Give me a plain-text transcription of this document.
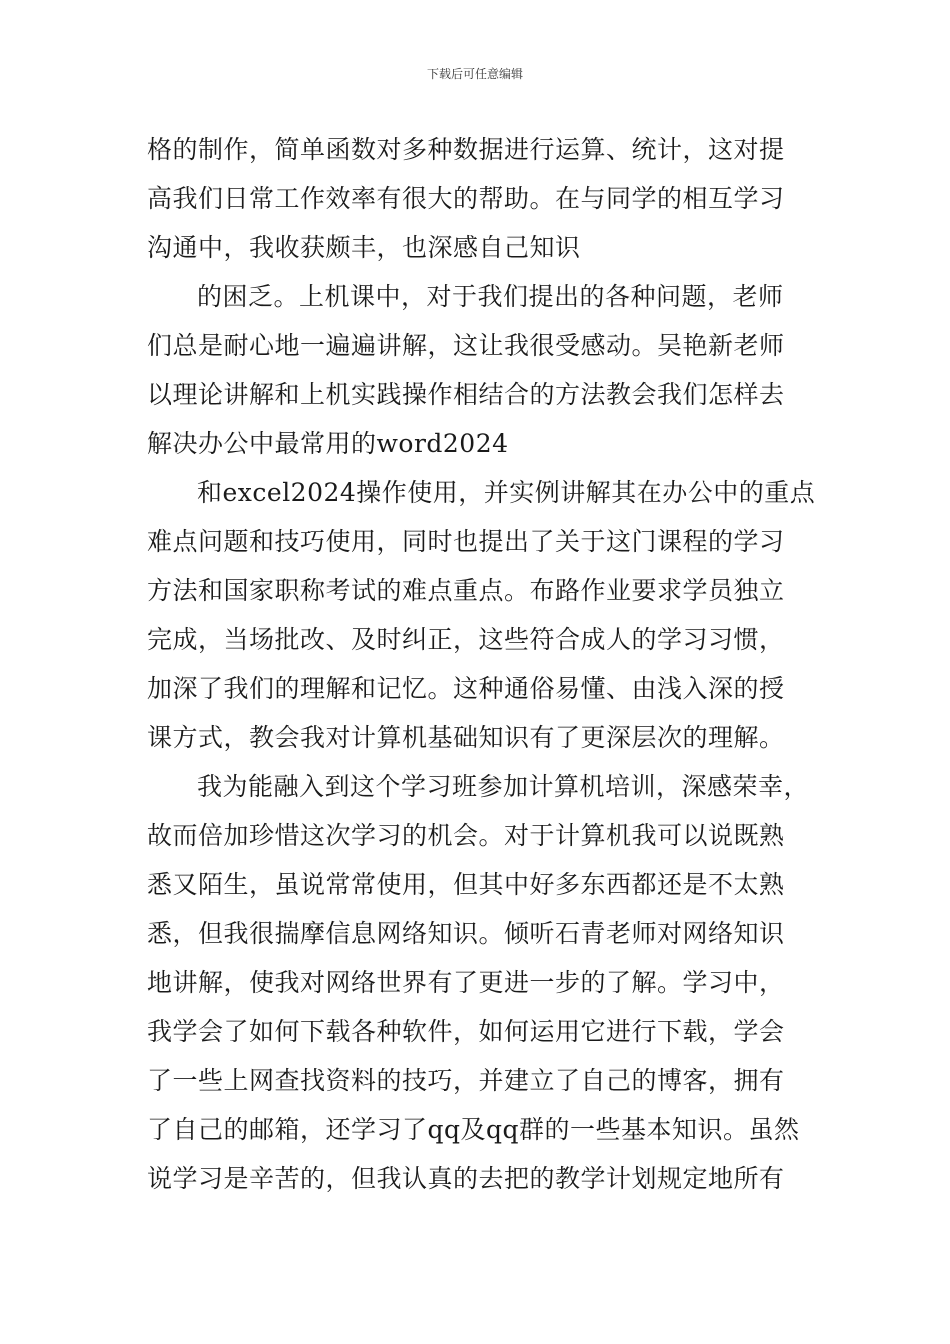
下载后可任意编辑
格的制作，简单函数对多种数据进行运算、统计，这对提
高我们日常工作效率有很大的帮助。在与同学的相互学习
沟通中，我收获颇丰，也深感自己知识
的困乏。上机课中，对于我们提出的各种问题，老师
们总是耐心地一遍遍讲解，这让我很受感动。吴艳新老师
以理论讲解和上机实践操作相结合的方法教会我们怎样去
解决办公中最常用的word2024
和excel2024操作使用，并实例讲解其在办公中的重点
难点问题和技巧使用，同时也提出了关于这门课程的学习
方法和国家职称考试的难点重点。布路作业要求学员独立
完成，当场批改、及时纠正，这些符合成人的学习习惯，
加深了我们的理解和记忆。这种通俗易懂、由浅入深的授
课方式，教会我对计算机基础知识有了更深层次的理解。
我为能融入到这个学习班参加计算机培训，深感荣幸，
故而倍加珍惜这次学习的机会。对于计算机我可以说既熟
悉又陌生，虽说常常使用，但其中好多东西都还是不太熟
悉，但我很揣摩信息网络知识。倾听石青老师对网络知识
地讲解，使我对网络世界有了更进一步的了解。学习中，
我学会了如何下载各种软件，如何运用它进行下载，学会
了一些上网查找资料的技巧，并建立了自己的博客，拥有
了自己的邮箱，还学习了qq及qq群的一些基本知识。虽然
说学习是辛苦的，但我认真的去把的教学计划规定地所有
